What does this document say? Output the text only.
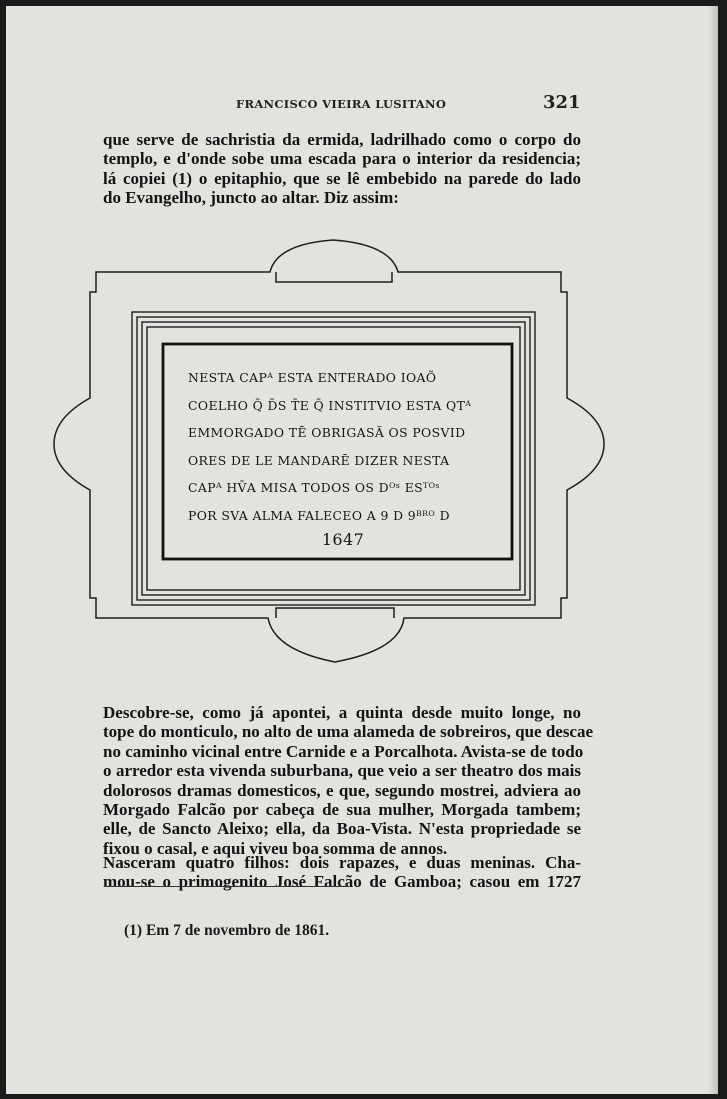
FRANCISCO VIEIRA LUSITANO	321

que serve de sachristia da ermida, ladrilhado como o corpo do
templo, e d'onde sobe uma escada para o interior da residencia;
lá copiei (1) o epitaphio, que se lê embebido na parede do lado
do Evangelho, juncto ao altar. Diz assim:

NESTA CAPᴬ ESTA ENTERADO IOAÕ
COELHO Q̄ D̄S T̄E Q̄ INSTITVIO ESTA QTᴬ
EMMORGADO TĒ OBRIGASÃ OS POSVID
ORES DE LE MANDARĒ DIZER NESTA
CAPᴬ HV̄A MISA TODOS OS Dᴼˢ ESᵀᴼˢ
POR SVA ALMA FALECEO A 9 D 9ᴮᴿᴼ D
1647

Descobre-se, como já apontei, a quinta desde muito longe, no
tope do monticulo, no alto de uma alameda de sobreiros, que descae
no caminho vicinal entre Carnide e a Porcalhota. Avista-se de todo
o arredor esta vivenda suburbana, que veio a ser theatro dos mais
dolorosos dramas domesticos, e que, segundo mostrei, adviera ao
Morgado Falcão por cabeça de sua mulher, Morgada tambem;
elle, de Sancto Aleixo; ella, da Boa-Vista. N'esta propriedade se
fixou o casal, e aqui viveu boa somma de annos.

Nasceram quatro filhos: dois rapazes, e duas meninas. Cha-
mou-se o primogenito José Falcão de Gamboa; casou em 1727

(1) Em 7 de novembro de 1861.
